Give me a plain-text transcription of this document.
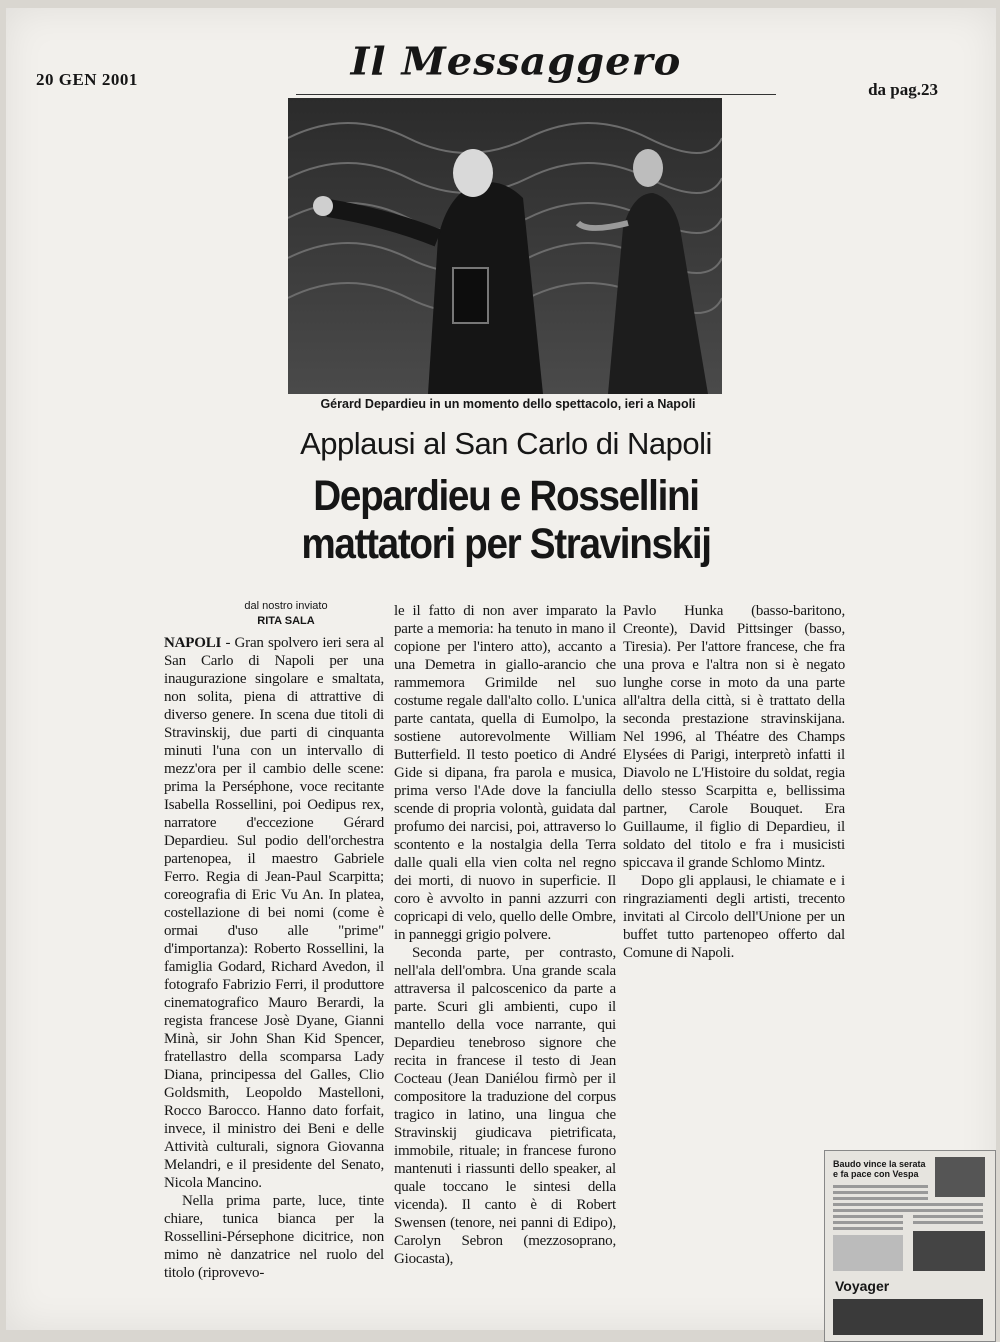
20 GEN 2001	Il Messaggero
da pag.23
Gérard Depardieu in un momento dello spettacolo, ieri a Napoli
Applausi al San Carlo di Napoli
Depardieu e Rossellini
mattatori per Stravinskij
dal nostro inviato
RITA SALA

NAPOLI - Gran spolvero ieri sera al San Carlo di Napoli per una inaugurazione singolare e smaltata, non solita, piena di attrattive di diverso genere. In scena due titoli di Stravinskij, due parti di cinquanta minuti l'una con un intervallo di mezz'ora per il cambio delle scene: prima la Perséphone, voce recitante Isabella Rossellini, poi Oedipus rex, narratore d'eccezione Gérard Depardieu. Sul podio dell'orchestra partenopea, il maestro Gabriele Ferro. Regia di Jean-Paul Scarpitta; coreografia di Eric Vu An. In platea, costellazione di bei nomi (come è ormai d'uso alle "prime" d'importanza): Roberto Rossellini, la famiglia Godard, Richard Avedon, il fotografo Fabrizio Ferri, il produttore cinematografico Mauro Berardi, la regista francese Josè Dyane, Gianni Minà, sir John Shan Kid Spencer, fratellastro della scomparsa Lady Diana, principessa del Galles, Clio Goldsmith, Leopoldo Mastelloni, Rocco Barocco. Hanno dato forfait, invece, il ministro dei Beni e delle Attività culturali, signora Giovanna Melandri, e il presidente del Senato, Nicola Mancino.

Nella prima parte, luce, tinte chiare, tunica bianca per la Rossellini-Pérsephone dicitrice, non mimo nè danzatrice nel ruolo del titolo (riprovevo-

le il fatto di non aver imparato la parte a memoria: ha tenuto in mano il copione per l'intero atto), accanto a una Demetra in giallo-arancio che rammemora Grimilde nel suo costume regale dall'alto collo. L'unica parte cantata, quella di Eumolpo, la sostiene autorevolmente William Butterfield. Il testo poetico di André Gide si dipana, fra parola e musica, prima verso l'Ade dove la fanciulla scende di propria volontà, guidata dal profumo dei narcisi, poi, attraverso lo scontento e la nostalgia della Terra dalle quali ella vien colta nel regno dei morti, di nuovo in superficie. Il coro è avvolto in panni azzurri con copricapi di velo, quello delle Ombre, in panneggi grigio polvere.

Seconda parte, per contrasto, nell'ala dell'ombra. Una grande scala attraversa il palcoscenico da parte a parte. Scuri gli ambienti, cupo il mantello della voce narrante, qui Depardieu tenebroso signore che recita in francese il testo di Jean Cocteau (Jean Daniélou firmò per il compositore la traduzione del corpus tragico in latino, una lingua che Stravinskij giudicava pietrificata, immobile, rituale; in francese furono mantenuti i riassunti dello speaker, al quale toccano le sintesi della vicenda). Il canto è di Robert Swensen (tenore, nei panni di Edipo), Carolyn Sebron (mezzosoprano, Giocasta),

Pavlo Hunka (basso-baritono, Creonte), David Pittsinger (basso, Tiresia). Per l'attore francese, che fra una prova e l'altra non si è negato lunghe corse in moto da una parte all'altra della città, si è trattato della seconda prestazione stravinskijana. Nel 1996, al Théatre des Champs Elysées di Parigi, interpretò infatti il Diavolo ne L'Histoire du soldat, regia dello stesso Scarpitta e, bellissima partner, Carole Bouquet. Era Guillaume, il figlio di Depardieu, il soldato del titolo e fra i musicisti spiccava il grande Schlomo Mintz.

Dopo gli applausi, le chiamate e i ringraziamenti degli artisti, trecento invitati al Circolo dell'Unione per un buffet tutto partenopeo offerto dal Comune di Napoli.

Baudo vince la serata e fa pace con Vespa
Voyager
